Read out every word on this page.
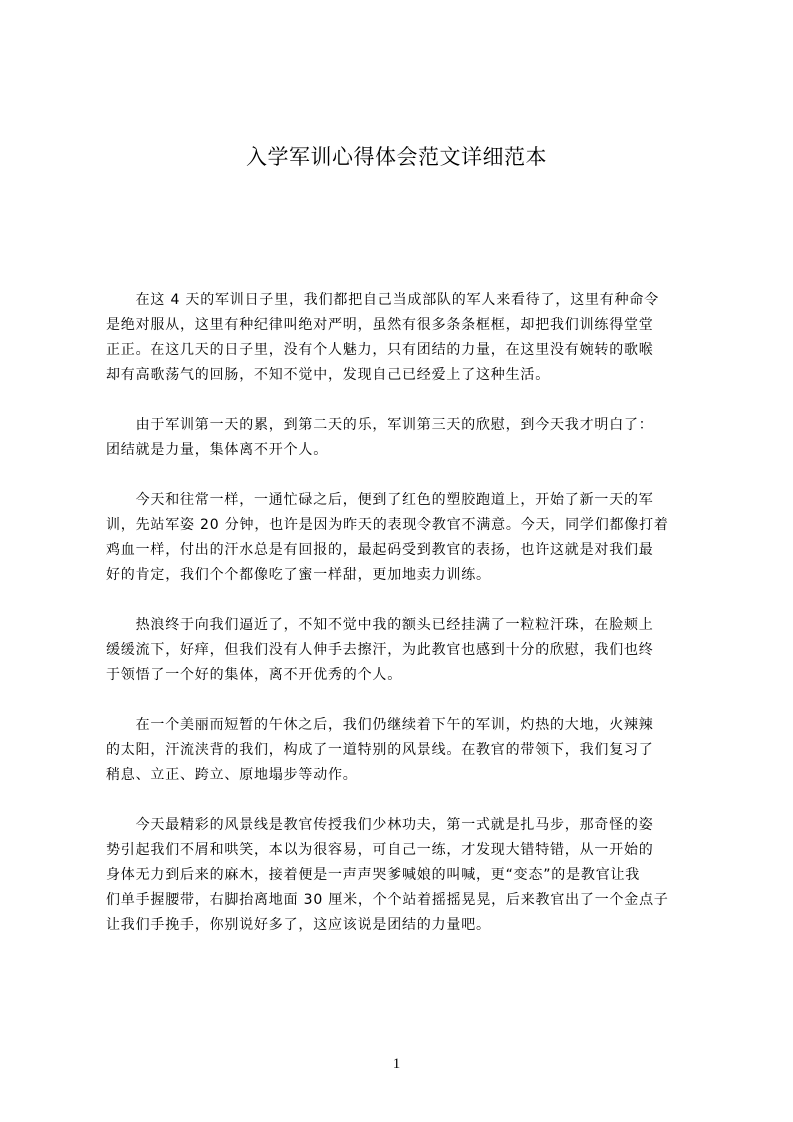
入学军训心得体会范文详细范本

　　在这 4 天的军训日子里，我们都把自己当成部队的军人来看待了，这里有种命令
是绝对服从，这里有种纪律叫绝对严明，虽然有很多条条框框，却把我们训练得堂堂
正正。在这几天的日子里，没有个人魅力，只有团结的力量，在这里没有婉转的歌喉
却有高歌荡气的回肠，不知不觉中，发现自己已经爱上了这种生活。

　　由于军训第一天的累，到第二天的乐，军训第三天的欣慰，到今天我才明白了：
团结就是力量，集体离不开个人。

　　今天和往常一样，一通忙碌之后，便到了红色的塑胶跑道上，开始了新一天的军
训，先站军姿 20 分钟，也许是因为昨天的表现令教官不满意。今天，同学们都像打着
鸡血一样，付出的汗水总是有回报的，最起码受到教官的表扬，也许这就是对我们最
好的肯定，我们个个都像吃了蜜一样甜，更加地卖力训练。

　　热浪终于向我们逼近了，不知不觉中我的额头已经挂满了一粒粒汗珠，在脸颊上
缓缓流下，好痒，但我们没有人伸手去擦汗，为此教官也感到十分的欣慰，我们也终
于领悟了一个好的集体，离不开优秀的个人。

　　在一个美丽而短暂的午休之后，我们仍继续着下午的军训，灼热的大地，火辣辣
的太阳，汗流浃背的我们，构成了一道特别的风景线。在教官的带领下，我们复习了
稍息、立正、跨立、原地塌步等动作。

　　今天最精彩的风景线是教官传授我们少林功夫，第一式就是扎马步，那奇怪的姿
势引起我们不屑和哄笑，本以为很容易，可自己一练，才发现大错特错，从一开始的
身体无力到后来的麻木，接着便是一声声哭爹喊娘的叫喊，更“变态”的是教官让我
们单手握腰带，右脚抬离地面 30 厘米，个个站着摇摇晃晃，后来教官出了一个金点子
让我们手挽手，你别说好多了，这应该说是团结的力量吧。

1
